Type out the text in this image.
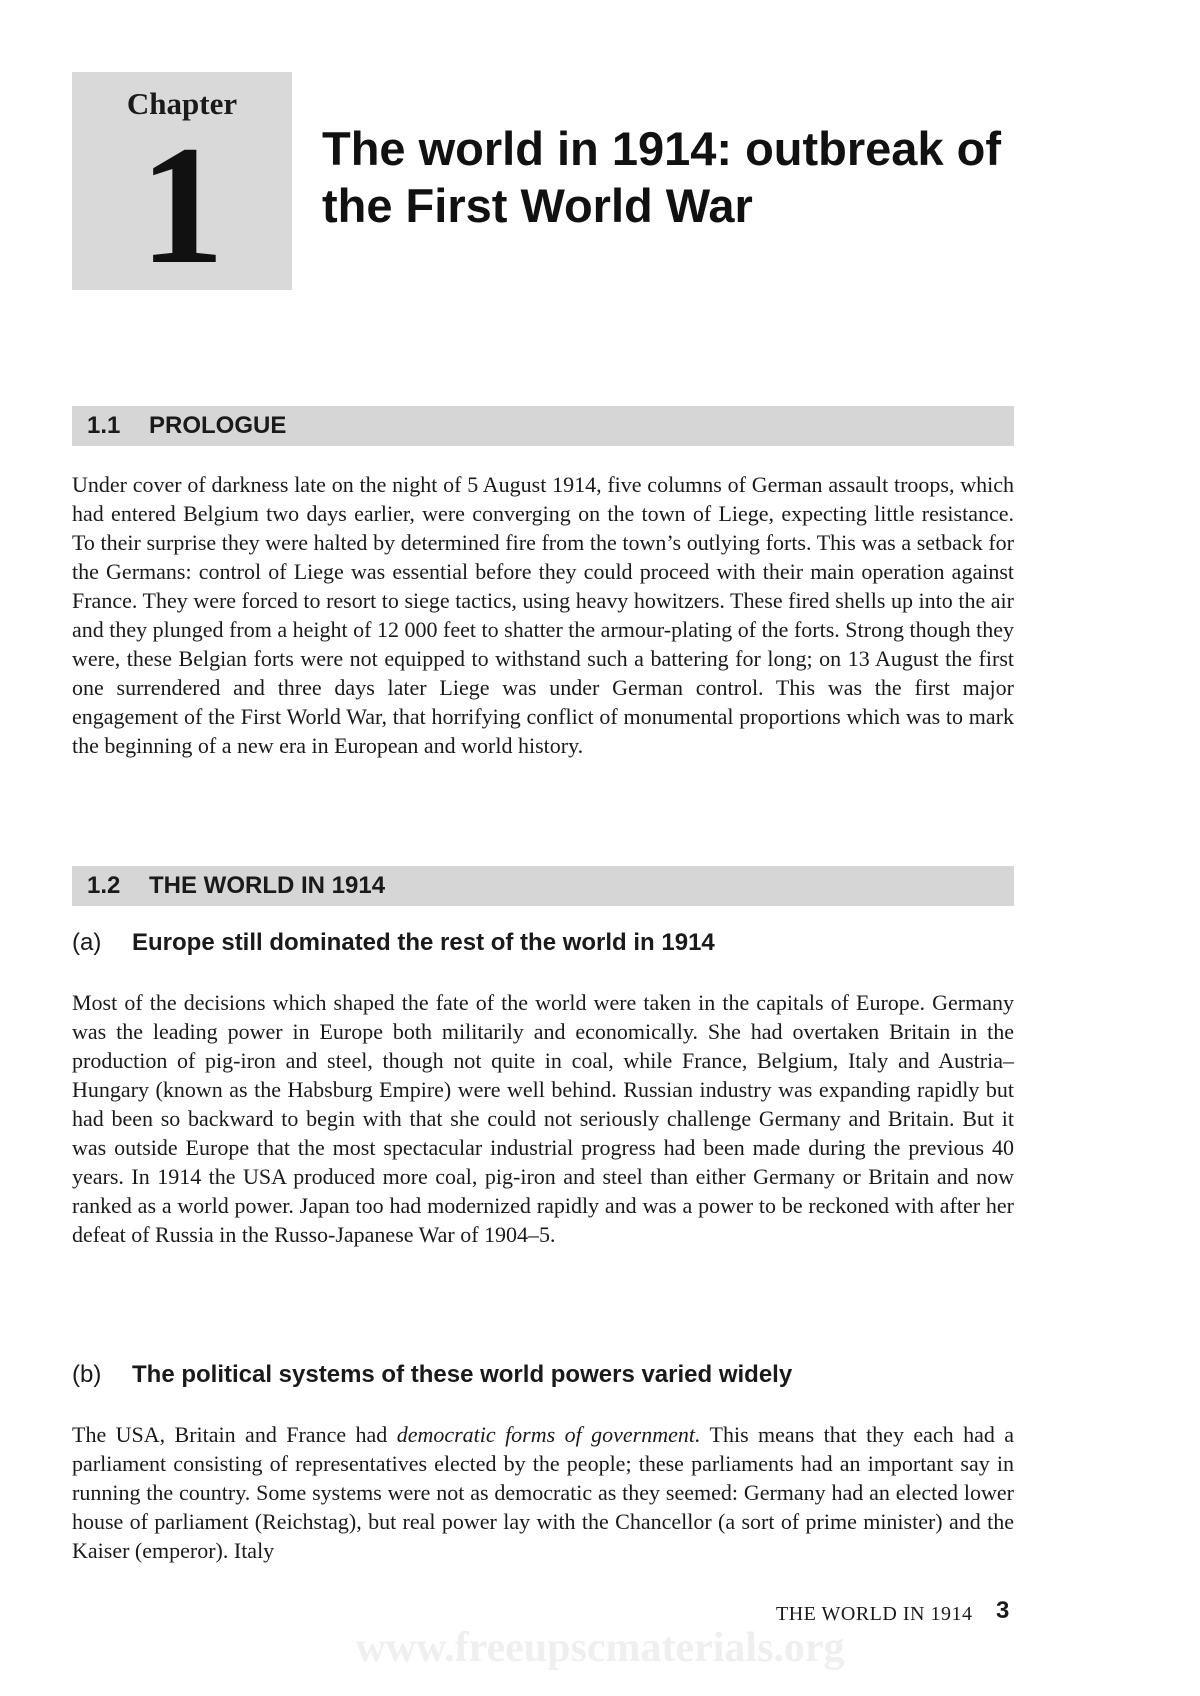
Chapter
1	The world in 1914: outbreak of the First World War
1.1 PROLOGUE

Under cover of darkness late on the night of 5 August 1914, five columns of German assault troops, which had entered Belgium two days earlier, were converging on the town of Liege, expecting little resistance. To their surprise they were halted by determined fire from the town’s outlying forts. This was a setback for the Germans: control of Liege was essential before they could proceed with their main operation against France. They were forced to resort to siege tactics, using heavy howitzers. These fired shells up into the air and they plunged from a height of 12 000 feet to shatter the armour-plating of the forts. Strong though they were, these Belgian forts were not equipped to withstand such a battering for long; on 13 August the first one surrendered and three days later Liege was under German control. This was the first major engagement of the First World War, that horrifying conflict of monumental proportions which was to mark the beginning of a new era in European and world history.

1.2 THE WORLD IN 1914
(a) Europe still dominated the rest of the world in 1914

Most of the decisions which shaped the fate of the world were taken in the capitals of Europe. Germany was the leading power in Europe both militarily and economically. She had overtaken Britain in the production of pig-iron and steel, though not quite in coal, while France, Belgium, Italy and Austria–Hungary (known as the Habsburg Empire) were well behind. Russian industry was expanding rapidly but had been so backward to begin with that she could not seriously challenge Germany and Britain. But it was outside Europe that the most spectacular industrial progress had been made during the previous 40 years. In 1914 the USA produced more coal, pig-iron and steel than either Germany or Britain and now ranked as a world power. Japan too had modernized rapidly and was a power to be reckoned with after her defeat of Russia in the Russo-Japanese War of 1904–5.

(b) The political systems of these world powers varied widely

The USA, Britain and France had democratic forms of government. This means that they each had a parliament consisting of representatives elected by the people; these parliaments had an important say in running the country. Some systems were not as democratic as they seemed: Germany had an elected lower house of parliament (Reichstag), but real power lay with the Chancellor (a sort of prime minister) and the Kaiser (emperor). Italy

THE WORLD IN 1914 3
www.freeupscmaterials.org
